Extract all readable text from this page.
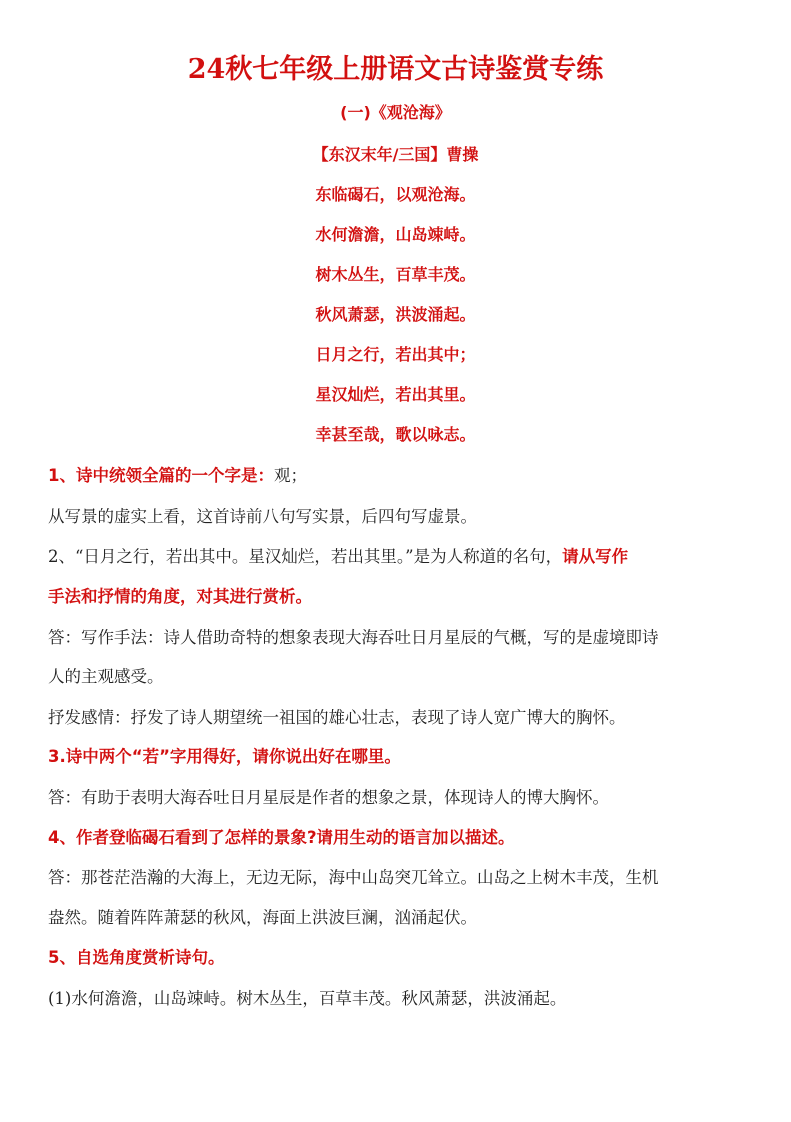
24秋七年级上册语文古诗鉴赏专练
(一)《观沧海》
【东汉末年/三国】曹操
东临碣石，以观沧海。
水何澹澹，山岛竦峙。
树木丛生，百草丰茂。
秋风萧瑟，洪波涌起。
日月之行，若出其中；
星汉灿烂，若出其里。
幸甚至哉，歌以咏志。
1、诗中统领全篇的一个字是：观；
从写景的虚实上看，这首诗前八句写实景，后四句写虚景。
2、“日月之行，若出其中。星汉灿烂，若出其里。”是为人称道的名句，请从写作
手法和抒情的角度，对其进行赏析。
答：写作手法：诗人借助奇特的想象表现大海吞吐日月星辰的气概，写的是虚境即诗
人的主观感受。
抒发感情：抒发了诗人期望统一祖国的雄心壮志，表现了诗人宽广博大的胸怀。
3.诗中两个“若”字用得好，请你说出好在哪里。
答：有助于表明大海吞吐日月星辰是作者的想象之景，体现诗人的博大胸怀。
4、作者登临碣石看到了怎样的景象?请用生动的语言加以描述。
答：那苍茫浩瀚的大海上，无边无际，海中山岛突兀耸立。山岛之上树木丰茂，生机
盎然。随着阵阵萧瑟的秋风，海面上洪波巨澜，汹涌起伏。
5、自选角度赏析诗句。
(1)水何澹澹，山岛竦峙。树木丛生，百草丰茂。秋风萧瑟，洪波涌起。
